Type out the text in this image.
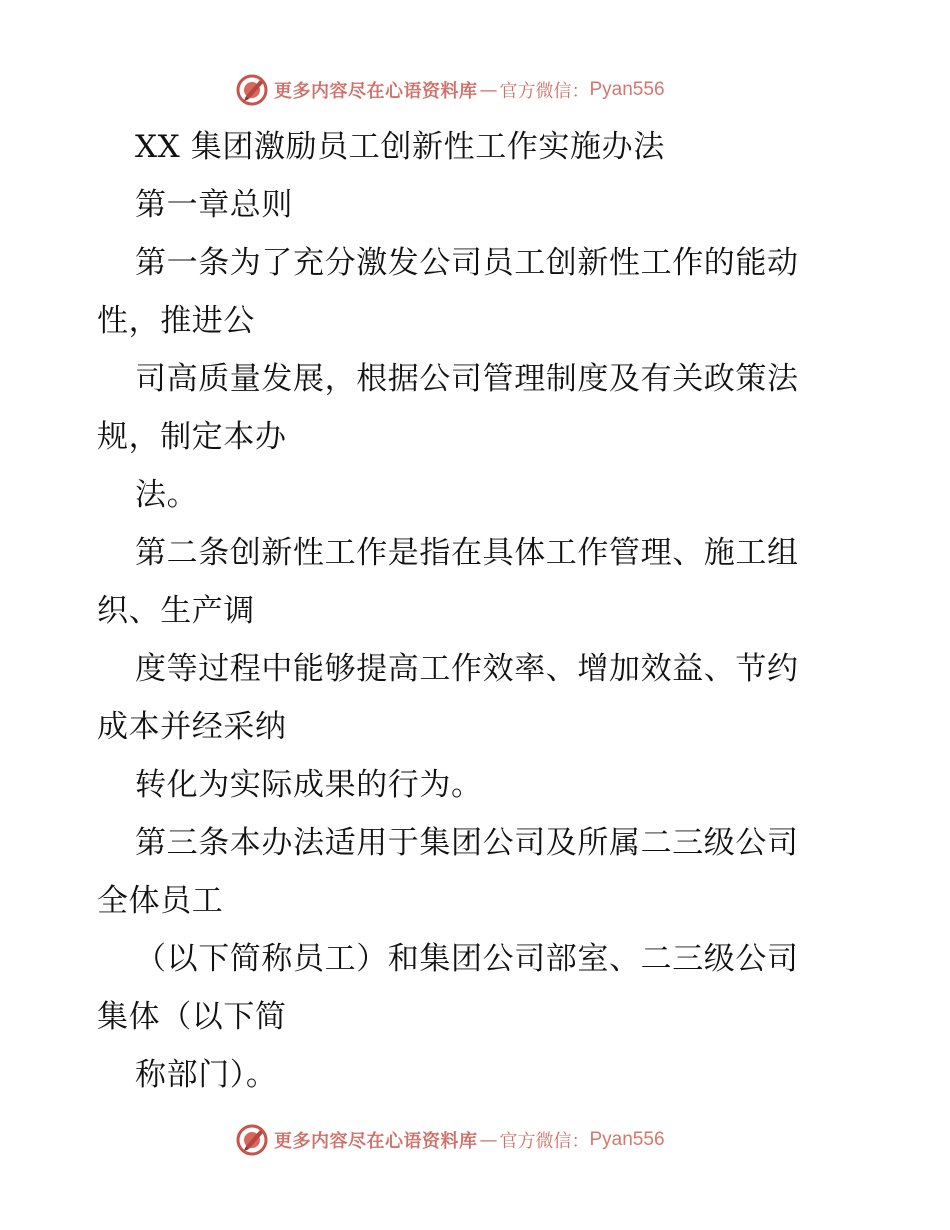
更多内容尽在心语资料库 — 官方微信： Pyan556
XX 集团激励员工创新性工作实施办法
第一章总则
第一条为了充分激发公司员工创新性工作的能动
性，推进公
司高质量发展，根据公司管理制度及有关政策法
规，制定本办
法。
第二条创新性工作是指在具体工作管理、施工组
织、生产调
度等过程中能够提高工作效率、增加效益、节约
成本并经采纳
转化为实际成果的行为。
第三条本办法适用于集团公司及所属二三级公司
全体员工
（以下简称员工）和集团公司部室、二三级公司
集体（以下简
称部门）。
更多内容尽在心语资料库 — 官方微信： Pyan556
